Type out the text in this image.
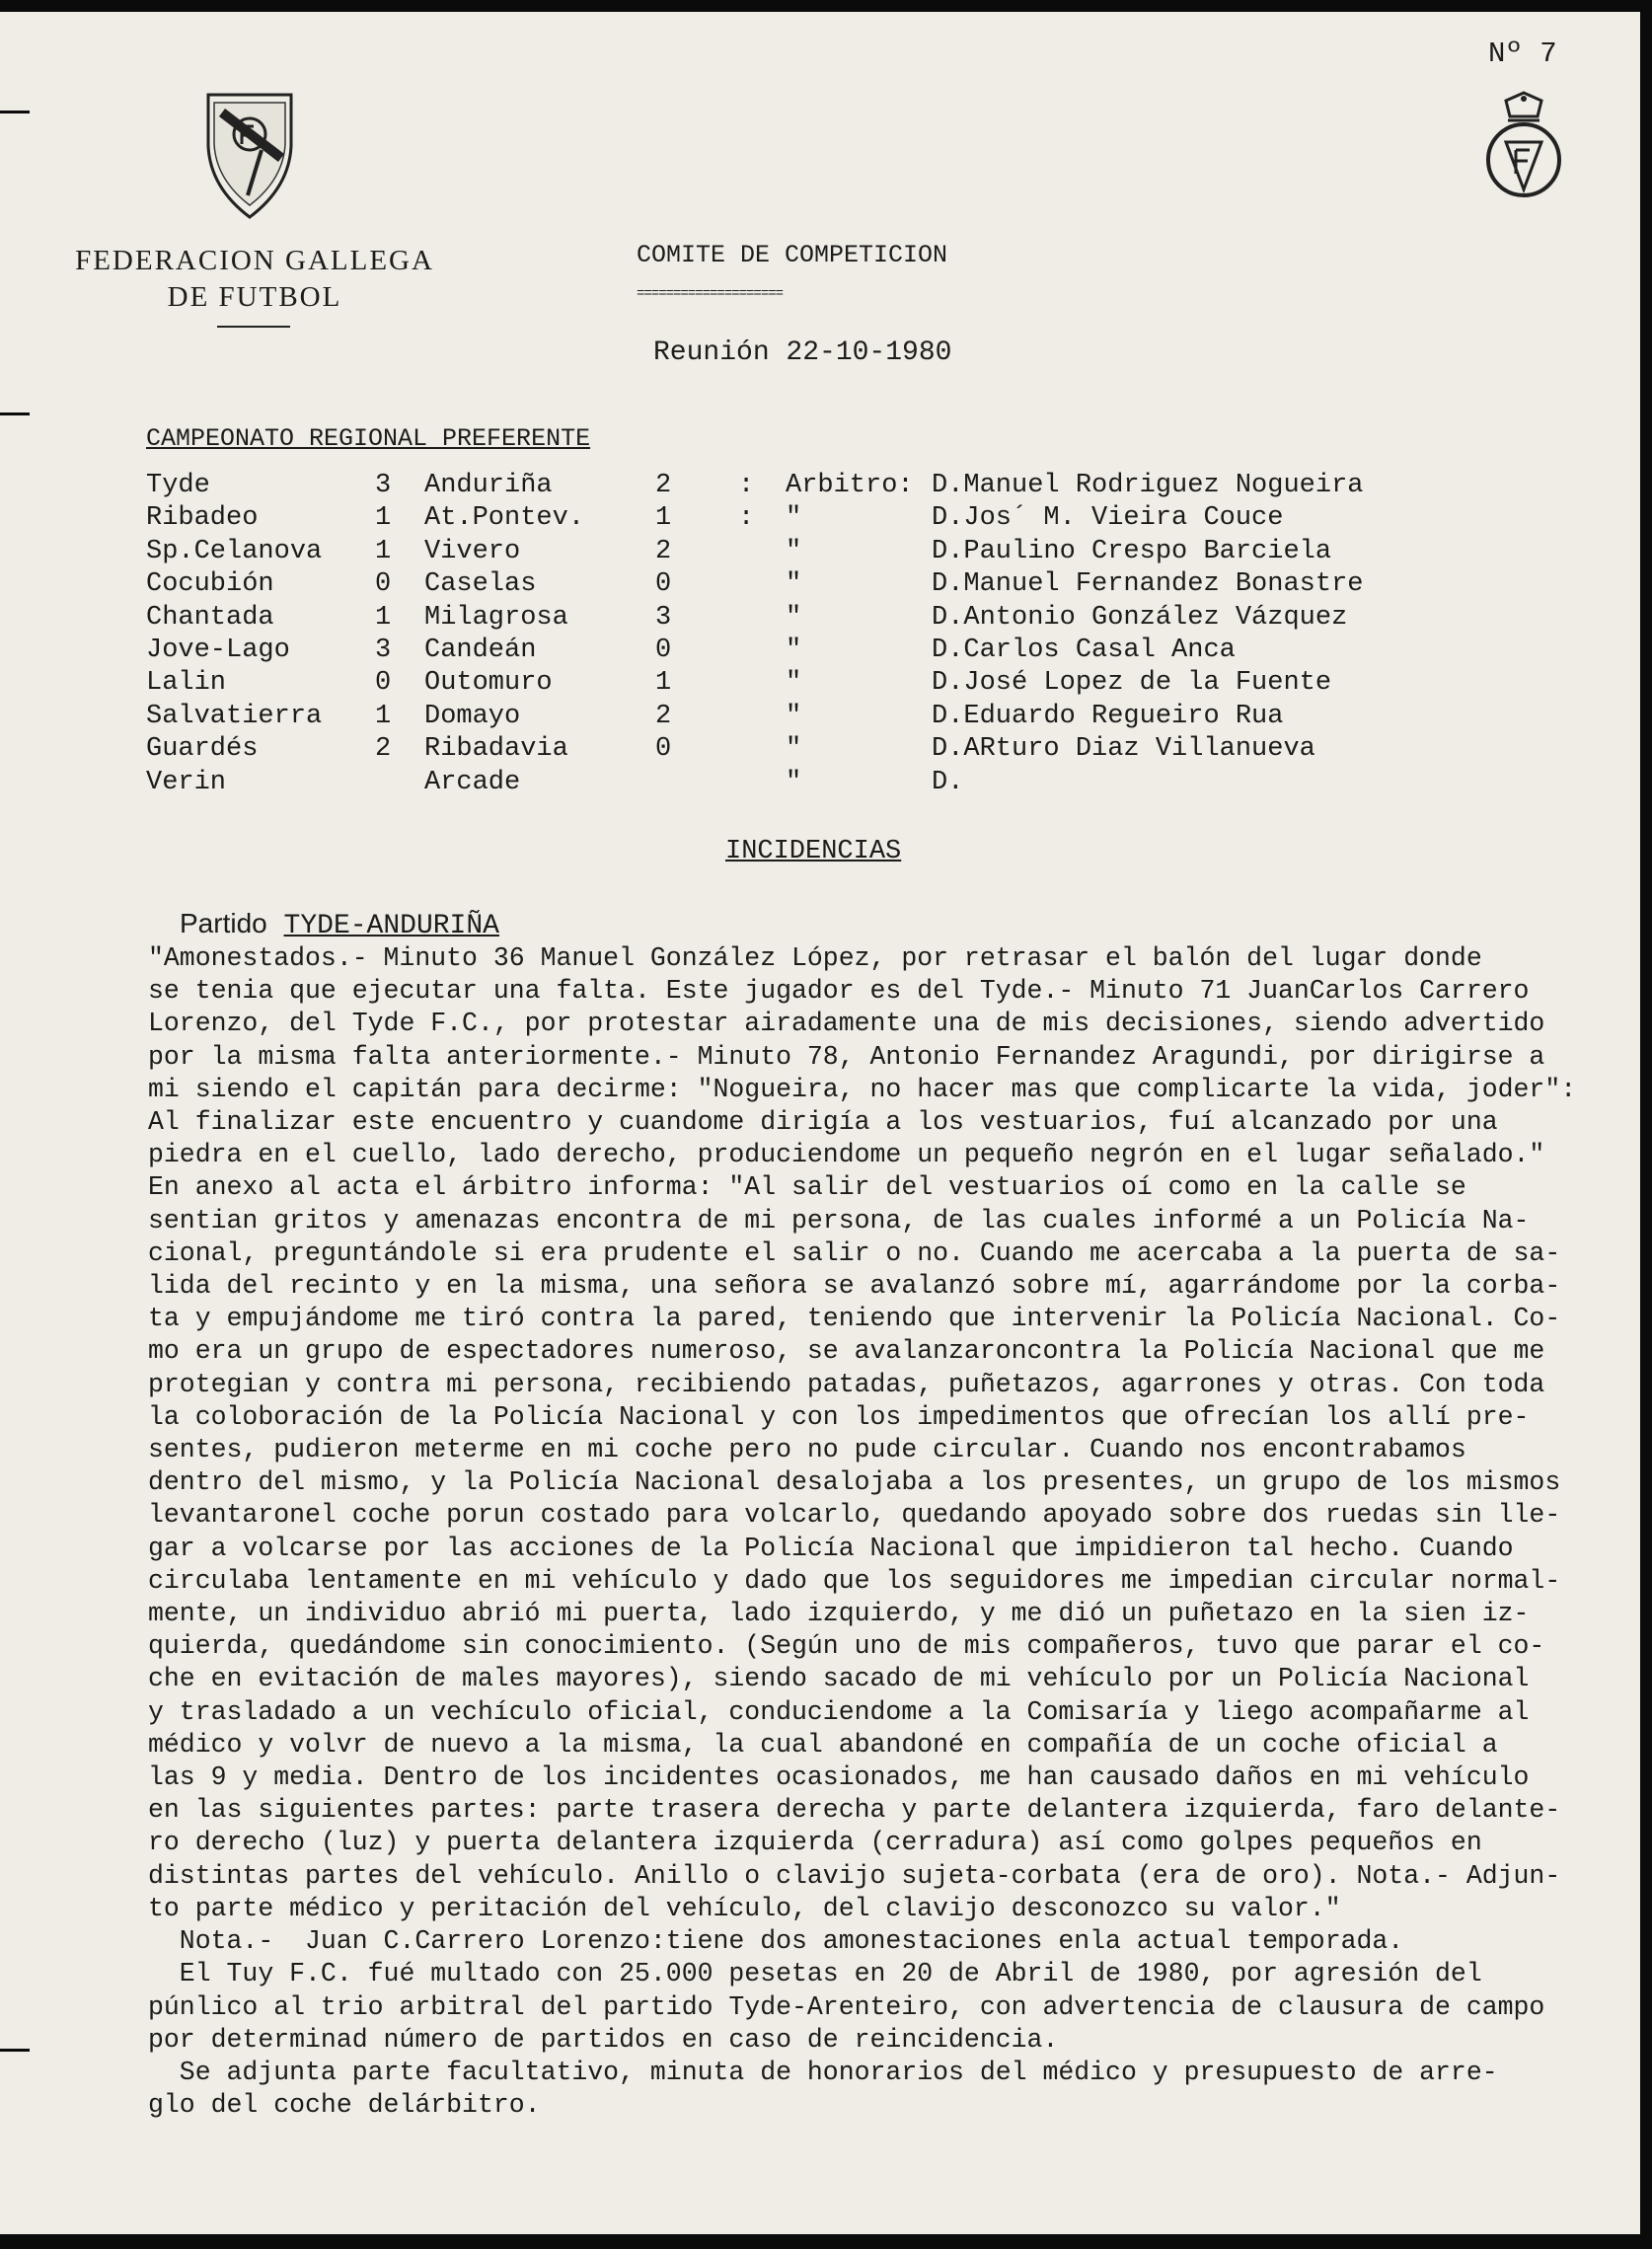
Nº 7
FEDERACION GALLEGA
DE FUTBOL
COMITE DE COMPETICION
====================
Reunión 22-10-1980
CAMPEONATO REGIONAL PREFERENTE
Tyde	3 Anduriña	2	: Arbitro: D.Manuel Rodriguez Nogueira
Ribadeo	1 At.Pontev.	1	: "	D.Jos´ M. Vieira Couce
Sp.Celanova 1 Vivero	2	"	D.Paulino Crespo Barciela
Cocubión	0 Caselas	0	"	D.Manuel Fernandez Bonastre
Chantada	1 Milagrosa	3	"	D.Antonio González Vázquez
Jove-Lago	3 Candeán	0	"	D.Carlos Casal Anca
Lalin	0 Outomuro	1	"	D.José Lopez de la Fuente
Salvatierra 1 Domayo	2	"	D.Eduardo Regueiro Rua
Guardés	2 Ribadavia	0	"	D.ARturo Diaz Villanueva
Verin	Arcade	"	D.
INCIDENCIAS
Partido TYDE-ANDURIÑA
"Amonestados.- Minuto 36 Manuel González López, por retrasar el balón del lugar donde
se tenia que ejecutar una falta. Este jugador es del Tyde.- Minuto 71 JuanCarlos Carrero
Lorenzo, del Tyde F.C., por protestar airadamente una de mis decisiones, siendo advertido
por la misma falta anteriormente.- Minuto 78, Antonio Fernandez Aragundi, por dirigirse a
mi siendo el capitán para decirme: "Nogueira, no hacer mas que complicarte la vida, joder":
Al finalizar este encuentro y cuandome dirigía a los vestuarios, fuí alcanzado por una
piedra en el cuello, lado derecho, produciendome un pequeño negrón en el lugar señalado."
En anexo al acta el árbitro informa: "Al salir del vestuarios oí como en la calle se
sentian gritos y amenazas encontra de mi persona, de las cuales informé a un Policía Na-
cional, preguntándole si era prudente el salir o no. Cuando me acercaba a la puerta de sa-
lida del recinto y en la misma, una señora se avalanzó sobre mí, agarrándome por la corba-
ta y empujándome me tiró contra la pared, teniendo que intervenir la Policía Nacional. Co-
mo era un grupo de espectadores numeroso, se avalanzaroncontra la Policía Nacional que me
protegian y contra mi persona, recibiendo patadas, puñetazos, agarrones y otras. Con toda
la coloboración de la Policía Nacional y con los impedimentos que ofrecían los allí pre-
sentes, pudieron meterme en mi coche pero no pude circular. Cuando nos encontrabamos
dentro del mismo, y la Policía Nacional desalojaba a los presentes, un grupo de los mismos
levantaronel coche porun costado para volcarlo, quedando apoyado sobre dos ruedas sin lle-
gar a volcarse por las acciones de la Policía Nacional que impidieron tal hecho. Cuando
circulaba lentamente en mi vehículo y dado que los seguidores me impedian circular normal-
mente, un individuo abrió mi puerta, lado izquierdo, y me dió un puñetazo en la sien iz-
quierda, quedándome sin conocimiento. (Según uno de mis compañeros, tuvo que parar el co-
che en evitación de males mayores), siendo sacado de mi vehículo por un Policía Nacional
y trasladado a un vechículo oficial, conduciendome a la Comisaría y liego acompañarme al
médico y volvr de nuevo a la misma, la cual abandoné en compañía de un coche oficial a
las 9 y media. Dentro de los incidentes ocasionados, me han causado daños en mi vehículo
en las siguientes partes: parte trasera derecha y parte delantera izquierda, faro delante-
ro derecho (luz) y puerta delantera izquierda (cerradura) así como golpes pequeños en
distintas partes del vehículo. Anillo o clavijo sujeta-corbata (era de oro). Nota.- Adjun-
to parte médico y peritación del vehículo, del clavijo desconozco su valor."
Nota.-  Juan C.Carrero Lorenzo:tiene dos amonestaciones enla actual temporada.
El Tuy F.C. fué multado con 25.000 pesetas en 20 de Abril de 1980, por agresión del
púnlico al trio arbitral del partido Tyde-Arenteiro, con advertencia de clausura de campo
por determinad número de partidos en caso de reincidencia.
Se adjunta parte facultativo, minuta de honorarios del médico y presupuesto de arre-
glo del coche delárbitro.
